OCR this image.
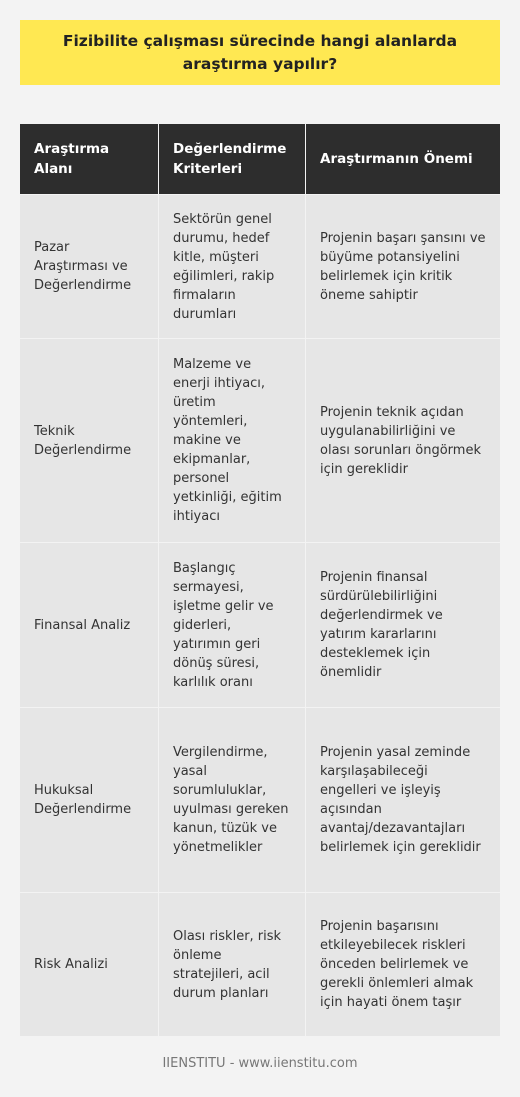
Fizibilite çalışması sürecinde hangi alanlarda araştırma yapılır?
Araştırma Alanı
Değerlendirme Kriterleri
Araştırmanın Önemi
Pazar Araştırması ve Değerlendirme
Sektörün genel durumu, hedef kitle, müşteri eğilimleri, rakip firmaların durumları
Projenin başarı şansını ve büyüme potansiyelini belirlemek için kritik öneme sahiptir
Teknik Değerlendirme
Malzeme ve enerji ihtiyacı, üretim yöntemleri, makine ve ekipmanlar, personel yetkinliği, eğitim ihtiyacı
Projenin teknik açıdan uygulanabilirliğini ve olası sorunları öngörmek için gereklidir
Finansal Analiz
Başlangıç sermayesi, işletme gelir ve giderleri, yatırımın geri dönüş süresi, karlılık oranı
Projenin finansal sürdürülebilirliğini değerlendirmek ve yatırım kararlarını desteklemek için önemlidir
Hukuksal Değerlendirme
Vergilendirme, yasal sorumluluklar, uyulması gereken kanun, tüzük ve yönetmelikler
Projenin yasal zeminde karşılaşabileceği engelleri ve işleyiş açısından avantaj/dezavantajları belirlemek için gereklidir
Risk Analizi
Olası riskler, risk önleme stratejileri, acil durum planları
Projenin başarısını etkileyebilecek riskleri önceden belirlemek ve gerekli önlemleri almak için hayati önem taşır
IIENSTITU - www.iienstitu.com
